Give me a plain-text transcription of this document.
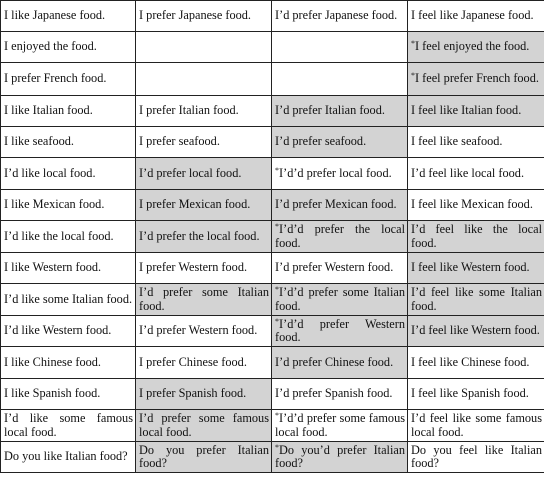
I like Japanese food.	I prefer Japanese food.	I’d prefer Japanese food.	I feel like Japanese food.
I enjoyed the food.			*I feel enjoyed the food.
I prefer French food.			*I feel prefer French food.
I like Italian food.	I prefer Italian food.	I’d prefer Italian food.	I feel like Italian food.
I like seafood.	I prefer seafood.	I’d prefer seafood.	I feel like seafood.
I’d like local food.	I’d prefer local food.	*I’d’d prefer local food.	I’d feel like local food.
I like Mexican food.	I prefer Mexican food.	I’d prefer Mexican food.	I feel like Mexican food.
I’d like the local food.	I’d prefer the local food.	*I’d’d prefer the local food.	I’d feel like the local food.
I like Western food.	I prefer Western food.	I’d prefer Western food.	I feel like Western food.
I’d like some Italian food.	I’d prefer some Italian food.	*I’d’d prefer some Italian food.	I’d feel like some Italian food.
I’d like Western food.	I’d prefer Western food.	*I’d’d prefer Western food.	I’d feel like Western food.
I like Chinese food.	I prefer Chinese food.	I’d prefer Chinese food.	I feel like Chinese food.
I like Spanish food.	I prefer Spanish food.	I’d prefer Spanish food.	I feel like Spanish food.
I’d like some famous local food.	I’d prefer some famous local food.	*I’d’d prefer some famous local food.	I’d feel like some famous local food.
Do you like Italian food?	Do you prefer Italian food?	*Do you’d prefer Italian food?	Do you feel like Italian food?
